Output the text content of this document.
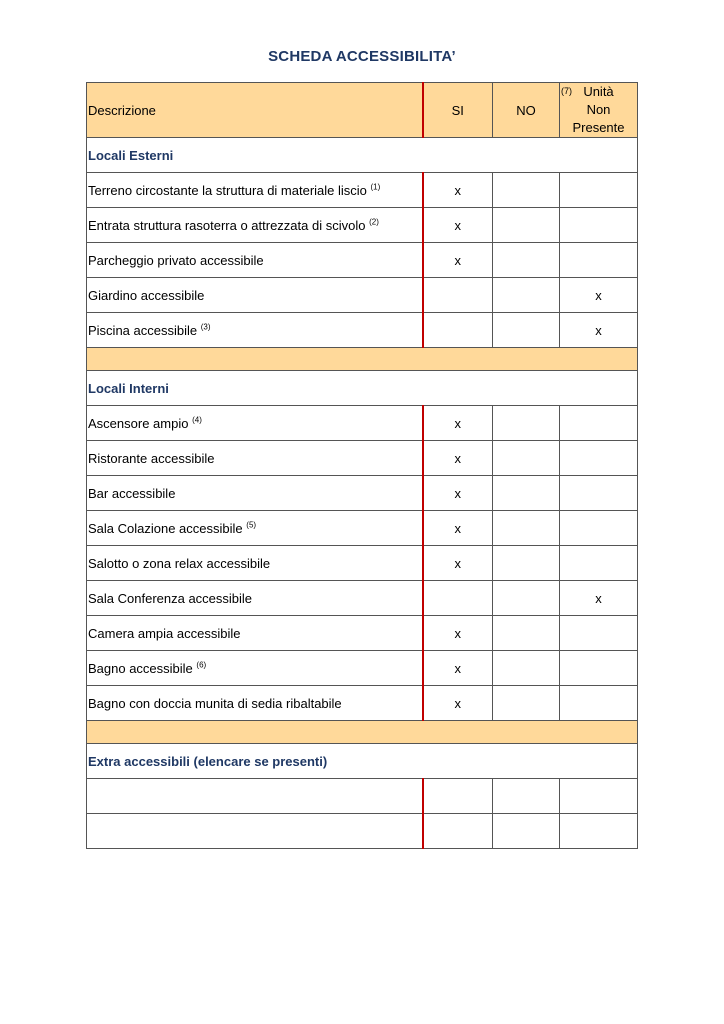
SCHEDA ACCESSIBILITA’
Descrizione	SI	NO	(7) Unità
Non
Presente
Locali Esterni			
Terreno circostante la struttura di materiale liscio $^{(1)}$	x		
Entrata struttura rasoterra o attrezzata di scivolo $^{(2)}$	x		
Parcheggio privato accessibile	x		
Giardino accessibile			x
Piscina accessibile $^{(3)}$			x

Locali Interni			
Ascensore ampio $^{(4)}$	x		
Ristorante accessibile	x		
Bar accessibile	x		
Sala Colazione accessibile $^{(5)}$	x		
Salotto o zona relax accessibile	x		
Sala Conferenza accessibile			x
Camera ampia accessibile	x		
Bagno accessibile $^{(6)}$	x		
Bagno con doccia munita di sedia ribaltabile	x		

Extra accessibili (elencare se presenti)			
